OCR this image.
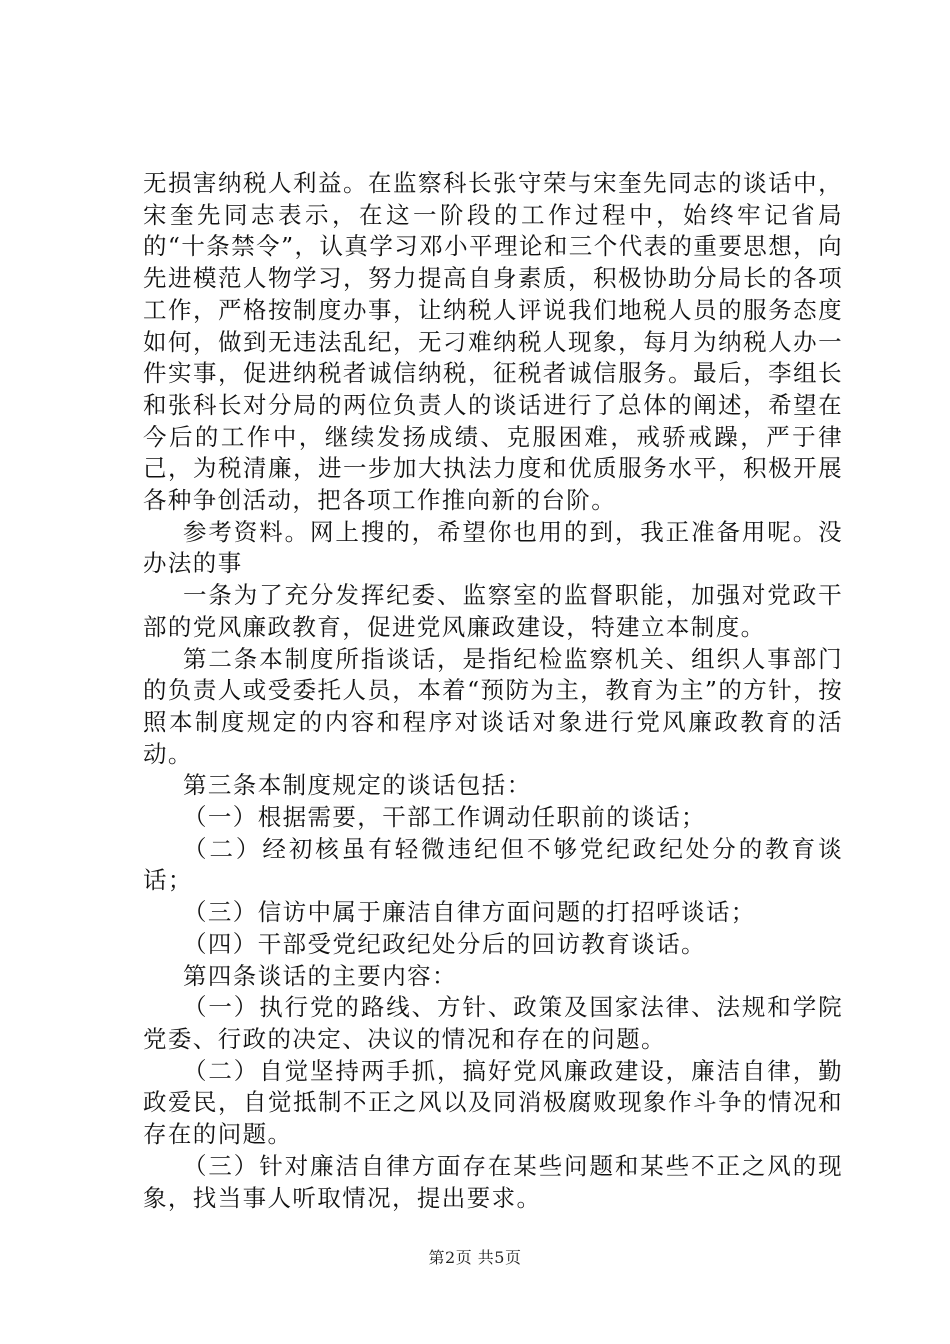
无损害纳税人利益。在监察科长张守荣与宋奎先同志的谈话中，宋奎先同志表示，在这一阶段的工作过程中，始终牢记省局的“十条禁令”，认真学习邓小平理论和三个代表的重要思想，向先进模范人物学习，努力提高自身素质，积极协助分局长的各项工作，严格按制度办事，让纳税人评说我们地税人员的服务态度如何，做到无违法乱纪，无刁难纳税人现象，每月为纳税人办一件实事，促进纳税者诚信纳税，征税者诚信服务。最后，李组长和张科长对分局的两位负责人的谈话进行了总体的阐述，希望在今后的工作中，继续发扬成绩、克服困难，戒骄戒躁，严于律己，为税清廉，进一步加大执法力度和优质服务水平，积极开展各种争创活动，把各项工作推向新的台阶。

参考资料。网上搜的，希望你也用的到，我正准备用呢。没办法的事

一条为了充分发挥纪委、监察室的监督职能，加强对党政干部的党风廉政教育，促进党风廉政建设，特建立本制度。

第二条本制度所指谈话，是指纪检监察机关、组织人事部门的负责人或受委托人员，本着“预防为主，教育为主”的方针，按照本制度规定的内容和程序对谈话对象进行党风廉政教育的活动。

第三条本制度规定的谈话包括：

（一）根据需要，干部工作调动任职前的谈话；

（二）经初核虽有轻微违纪但不够党纪政纪处分的教育谈话；

（三）信访中属于廉洁自律方面问题的打招呼谈话；

（四）干部受党纪政纪处分后的回访教育谈话。

第四条谈话的主要内容：

（一）执行党的路线、方针、政策及国家法律、法规和学院党委、行政的决定、决议的情况和存在的问题。

（二）自觉坚持两手抓，搞好党风廉政建设，廉洁自律，勤政爱民，自觉抵制不正之风以及同消极腐败现象作斗争的情况和存在的问题。

（三）针对廉洁自律方面存在某些问题和某些不正之风的现象，找当事人听取情况，提出要求。

第2页 共5页
